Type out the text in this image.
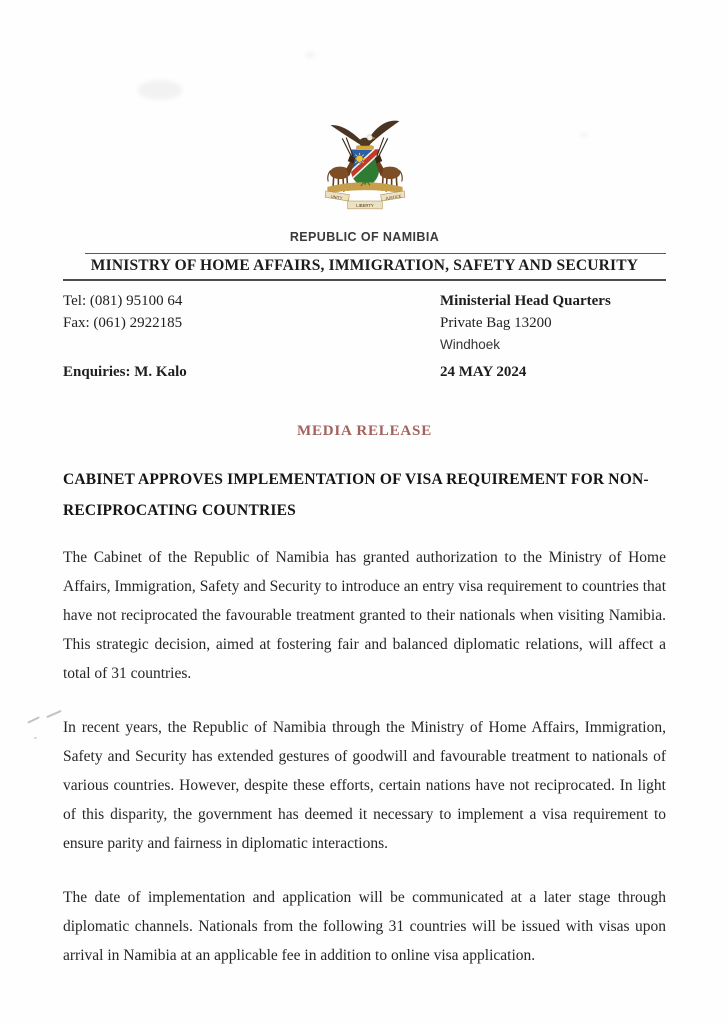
UNITY	JUSTICE
LIBERTY
REPUBLIC OF NAMIBIA
MINISTRY OF HOME AFFAIRS, IMMIGRATION, SAFETY AND SECURITY
Tel: (081) 95100 64	Ministerial Head Quarters
Fax: (061) 2922185	Private Bag 13200
Windhoek
Enquiries: M. Kalo	24 MAY 2024
MEDIA RELEASE
CABINET APPROVES IMPLEMENTATION OF VISA REQUIREMENT FOR NON-RECIPROCATING COUNTRIES

The Cabinet of the Republic of Namibia has granted authorization to the Ministry of Home Affairs, Immigration, Safety and Security to introduce an entry visa requirement to countries that have not reciprocated the favourable treatment granted to their nationals when visiting Namibia. This strategic decision, aimed at fostering fair and balanced diplomatic relations, will affect a total of 31 countries.

In recent years, the Republic of Namibia through the Ministry of Home Affairs, Immigration, Safety and Security has extended gestures of goodwill and favourable treatment to nationals of various countries. However, despite these efforts, certain nations have not reciprocated. In light of this disparity, the government has deemed it necessary to implement a visa requirement to ensure parity and fairness in diplomatic interactions.

The date of implementation and application will be communicated at a later stage through diplomatic channels. Nationals from the following 31 countries will be issued with visas upon arrival in Namibia at an applicable fee in addition to online visa application.
